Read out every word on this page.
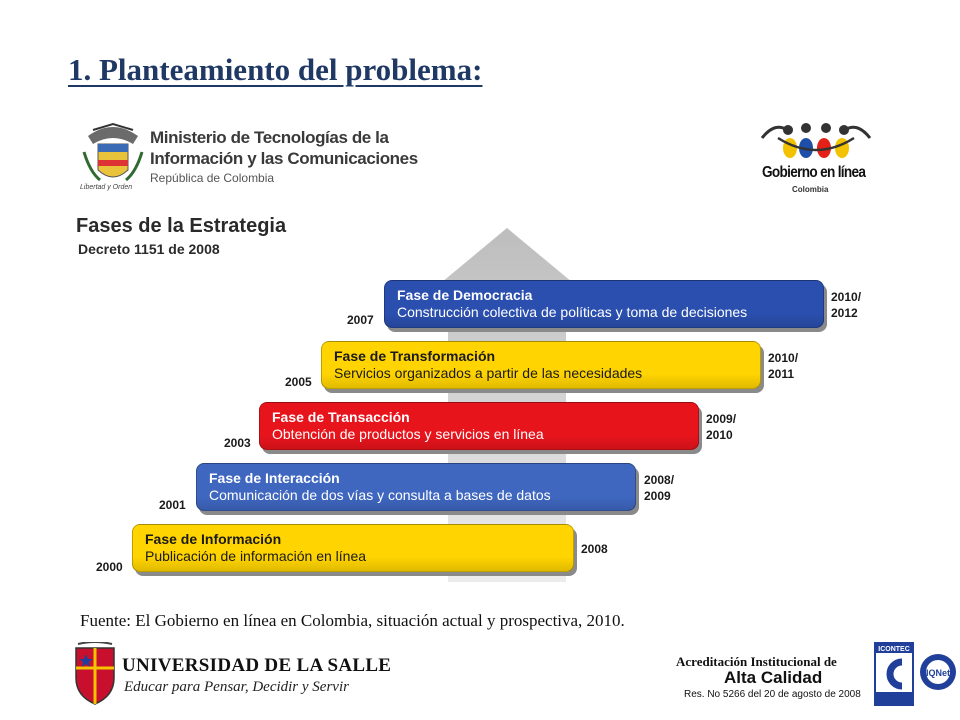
1. Planteamiento del problema:
Libertad y Orden
Ministerio de Tecnologías de la
Información y las Comunicaciones
República de Colombia	Gobierno en línea
Colombia
Fases de la Estrategia
Decreto 1151 de 2008
Fase de Información
Publicación de información en línea
2000
2008
Fase de Interacción
Comunicación de dos vías y consulta a bases de datos
2001
2008/
2009
Fase de Transacción
Obtención de productos y servicios en línea
2003
2009/
2010
Fase de Transformación
Servicios organizados a partir de las necesidades
2005
2010/
2011
Fase de Democracia
Construcción colectiva de políticas y toma de decisiones
2007
2010/
2012
Fuente: El Gobierno en línea en Colombia, situación actual y prospectiva, 2010.
UNIVERSIDAD DE LA SALLE
Educar para Pensar, Decidir y Servir
Acreditación Institucional de
Alta Calidad
Res. No 5266 del 20 de agosto de 2008
ICONTEC
IQNet
